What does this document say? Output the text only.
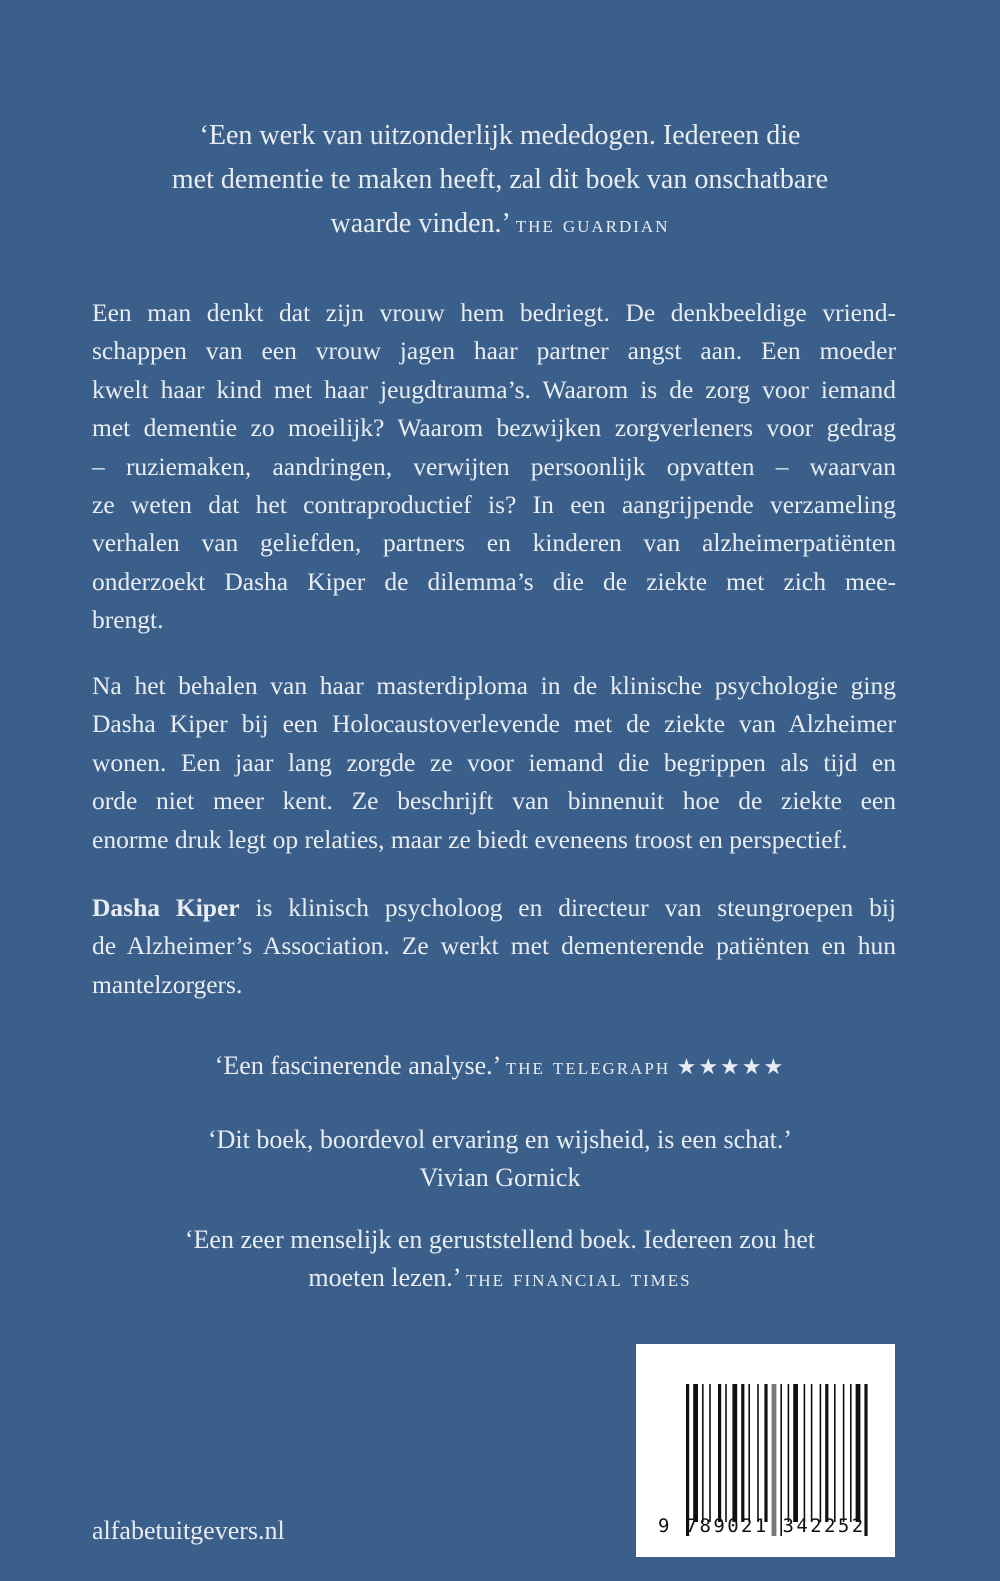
‘Een werk van uitzonderlijk mededogen. Iedereen die
met dementie te maken heeft, zal dit boek van onschatbare
waarde vinden.’ the guardian
Een man denkt dat zijn vrouw hem bedriegt. De denkbeeldige vriend-
schappen van een vrouw jagen haar partner angst aan. Een moeder
kwelt haar kind met haar jeugdtrauma’s. Waarom is de zorg voor iemand
met dementie zo moeilijk? Waarom bezwijken zorgverleners voor gedrag
– ruziemaken, aandringen, verwijten persoonlijk opvatten – waarvan
ze weten dat het contraproductief is? In een aangrijpende verzameling
verhalen van geliefden, partners en kinderen van alzheimerpatiënten
onderzoekt Dasha Kiper de dilemma’s die de ziekte met zich mee-
brengt.
Na het behalen van haar masterdiploma in de klinische psychologie ging
Dasha Kiper bij een Holocaustoverlevende met de ziekte van Alzheimer
wonen. Een jaar lang zorgde ze voor iemand die begrippen als tijd en
orde niet meer kent. Ze beschrijft van binnenuit hoe de ziekte een
enorme druk legt op relaties, maar ze biedt eveneens troost en perspectief.
Dasha Kiper is klinisch psycholoog en directeur van steungroepen bij
de Alzheimer’s Association. Ze werkt met dementerende patiënten en hun
mantelzorgers.
‘Een fascinerende analyse.’ the telegraph ★★★★★
‘Dit boek, boordevol ervaring en wijsheid, is een schat.’
Vivian Gornick
‘Een zeer menselijk en geruststellend boek. Iedereen zou het
moeten lezen.’ the financial times
alfabetuitgevers.nl	9 789021 342252
